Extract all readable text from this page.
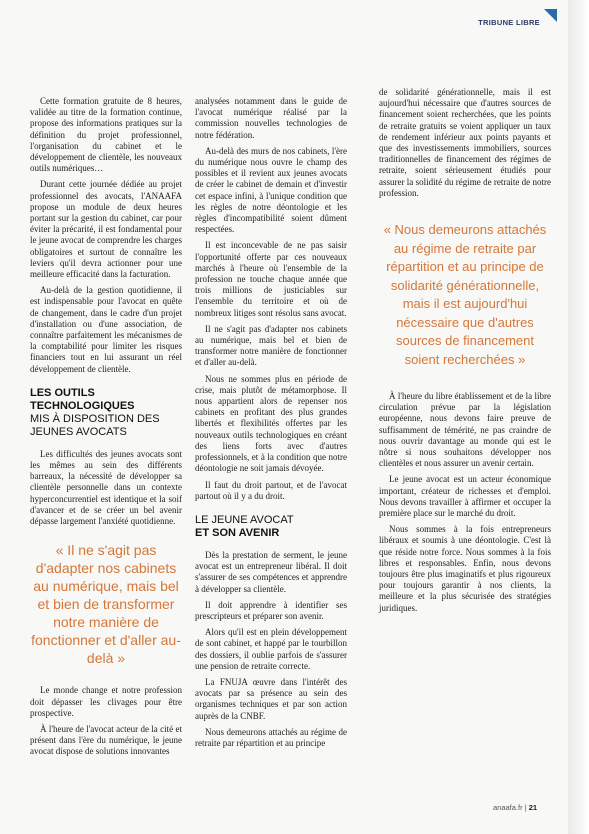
TRIBUNE LIBRE

Cette formation gratuite de 8 heures, validée au titre de la formation continue, propose des informations pratiques sur la définition du projet professionnel, l'organisation du cabinet et le développement de clientèle, les nouveaux outils numériques…

Durant cette journée dédiée au projet professionnel des avocats, l'ANAAFA propose un module de deux heures portant sur la gestion du cabinet, car pour éviter la précarité, il est fondamental pour le jeune avocat de comprendre les charges obligatoires et surtout de connaître les leviers qu'il devra actionner pour une meilleure efficacité dans la facturation.

Au-delà de la gestion quotidienne, il est indispensable pour l'avocat en quête de changement, dans le cadre d'un projet d'installation ou d'une association, de connaître parfaitement les mécanismes de la comptabilité pour limiter les risques financiers tout en lui assurant un réel développement de clientèle.

LES OUTILS TECHNOLOGIQUES
MIS À DISPOSITION DES JEUNES AVOCATS

Les difficultés des jeunes avocats sont les mêmes au sein des différents barreaux, la nécessité de développer sa clientèle personnelle dans un contexte hyperconcurrentiel est identique et la soif d'avancer et de se créer un bel avenir dépasse largement l'anxiété quotidienne.

« Il ne s'agit pas d'adapter nos cabinets au numérique, mais bel et bien de transformer notre manière de fonctionner et d'aller au-delà »

Le monde change et notre profession doit dépasser les clivages pour être prospective.

À l'heure de l'avocat acteur de la cité et présent dans l'ère du numérique, le jeune avocat dispose de solutions innovantes

analysées notamment dans le guide de l'avocat numérique réalisé par la commission nouvelles technologies de notre fédération.

Au-delà des murs de nos cabinets, l'ère du numérique nous ouvre le champ des possibles et il revient aux jeunes avocats de créer le cabinet de demain et d'investir cet espace infini, à l'unique condition que les règles de notre déontologie et les règles d'incompatibilité soient dûment respectées.

Il est inconcevable de ne pas saisir l'opportunité offerte par ces nouveaux marchés à l'heure où l'ensemble de la profession ne touche chaque année que trois millions de justiciables sur l'ensemble du territoire et où de nombreux litiges sont résolus sans avocat.

Il ne s'agit pas d'adapter nos cabinets au numérique, mais bel et bien de transformer notre manière de fonctionner et d'aller au-delà.

Nous ne sommes plus en période de crise, mais plutôt de métamorphose. Il nous appartient alors de repenser nos cabinets en profitant des plus grandes libertés et flexibilités offertes par les nouveaux outils technologiques en créant des liens forts avec d'autres professionnels, et à la condition que notre déontologie ne soit jamais dévoyée.

Il faut du droit partout, et de l'avocat partout où il y a du droit.

LE JEUNE AVOCAT
ET SON AVENIR

Dès la prestation de serment, le jeune avocat est un entrepreneur libéral. Il doit s'assurer de ses compétences et apprendre à développer sa clientèle.

Il doit apprendre à identifier ses prescripteurs et préparer son avenir.

Alors qu'il est en plein développement de sont cabinet, et happé par le tourbillon des dossiers, il oublie parfois de s'assurer une pension de retraite correcte.

La FNUJA œuvre dans l'intérêt des avocats par sa présence au sein des organismes techniques et par son action auprès de la CNBF.

Nous demeurons attachés au régime de retraite par répartition et au principe

de solidarité générationnelle, mais il est aujourd'hui nécessaire que d'autres sources de financement soient recherchées, que les points de retraite gratuits se voient appliquer un taux de rendement inférieur aux points payants et que des investissements immobiliers, sources traditionnelles de financement des régimes de retraite, soient sérieusement étudiés pour assurer la solidité du régime de retraite de notre profession.

« Nous demeurons attachés au régime de retraite par répartition et au principe de solidarité générationnelle, mais il est aujourd'hui nécessaire que d'autres sources de financement soient recherchées »

À l'heure du libre établissement et de la libre circulation prévue par la législation européenne, nous devons faire preuve de suffisamment de témérité, ne pas craindre de nous ouvrir davantage au monde qui est le nôtre si nous souhaitons développer nos clientèles et nous assurer un avenir certain.

Le jeune avocat est un acteur économique important, créateur de richesses et d'emploi. Nous devons travailler à affirmer et occuper la première place sur le marché du droit.

Nous sommes à la fois entrepreneurs libéraux et soumis à une déontologie. C'est là que réside notre force. Nous sommes à la fois libres et responsables. Enfin, nous devons toujours être plus imaginatifs et plus rigoureux pour toujours garantir à nos clients, la meilleure et la plus sécurisée des stratégies juridiques.

anaafa.fr | 21
